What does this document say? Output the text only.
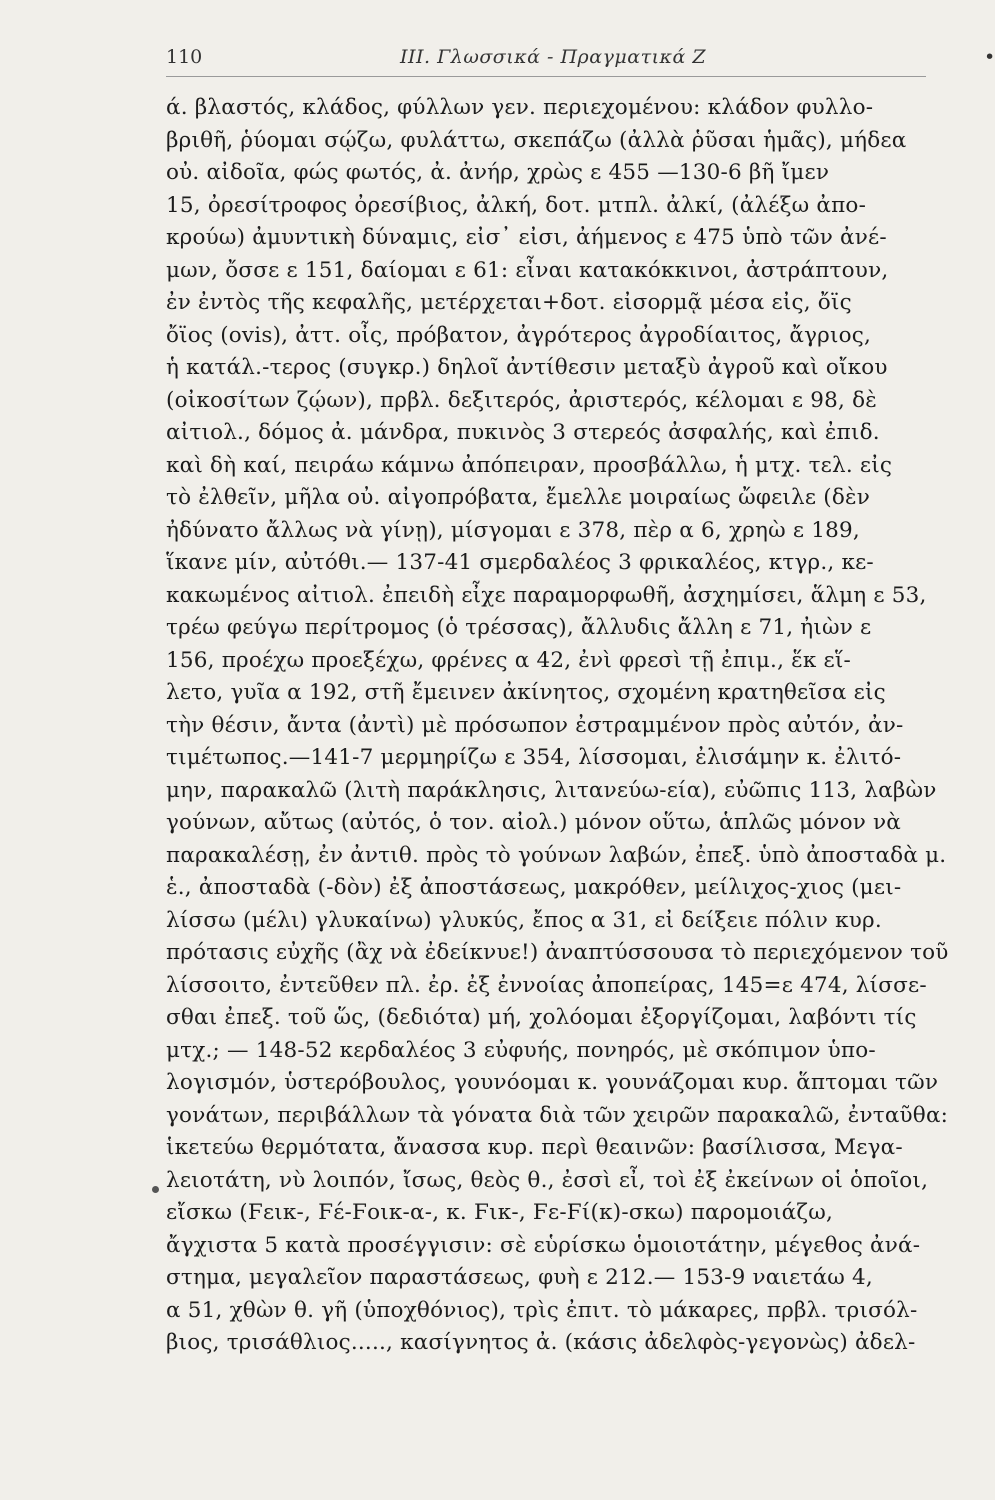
110	III. Γλωσσικά - Πραγματικά Ζ	•
ά. βλαστός, κλάδος, φύλλων γεν. περιεχομένου: κλάδον φυλλο-
βριθῆ, ῥύομαι σῴζω, φυλάττω, σκεπάζω (ἀλλὰ ῥῦσαι ἡμᾶς), μήδεα
οὐ. αἰδοῖα, φώς φωτός, ἀ. ἀνήρ, χρὼς ε 455 —130-6 βῆ ἴμεν
15, ὀρεσίτροφος ὀρεσίβιος, ἀλκή, δοτ. μτπλ. ἀλκί, (ἀλέξω ἀπο-
κρούω) ἀμυντικὴ δύναμις, εἰσ᾿ εἰσι, ἀήμενος ε 475 ὑπὸ τῶν ἀνέ-
μων, ὄσσε ε 151, δαίομαι ε 61: εἶναι κατακόκκινοι, ἀστράπτουν,
ἐν ἐντὸς τῆς κεφαλῆς, μετέρχεται+δοτ. εἰσορμᾷ μέσα εἰς, ὄϊς
ὄϊος (ovis), ἀττ. οἶς, πρόβατον, ἀγρότερος ἀγροδίαιτος, ἄγριος,
ἡ κατάλ.-τερος (συγκρ.) δηλοῖ ἀντίθεσιν μεταξὺ ἀγροῦ καὶ οἴκου
(οἰκοσίτων ζῴων), πρβλ. δεξιτερός, ἀριστερός, κέλομαι ε 98, δὲ
αἰτιολ., δόμος ἀ. μάνδρα, πυκινὸς 3 στερεός ἀσφαλής, καὶ ἐπιδ.
καὶ δὴ καί, πειράω κάμνω ἀπόπειραν, προσβάλλω, ἡ μτχ. τελ. εἰς
τὸ ἐλθεῖν, μῆλα οὐ. αἰγοπρόβατα, ἔμελλε μοιραίως ὤφειλε (δὲν
ἠδύνατο ἄλλως νὰ γίνῃ), μίσγομαι ε 378, πὲρ α 6, χρηὼ ε 189,
ἵκανε μίν, αὐτόθι.— 137-41 σμερδαλέος 3 φρικαλέος, κτγρ., κε-
κακωμένος αἰτιολ. ἐπειδὴ εἶχε παραμορφωθῆ, ἀσχημίσει, ἅλμη ε 53,
τρέω φεύγω περίτρομος (ὁ τρέσσας), ἄλλυδις ἄλλη ε 71, ἠιὼν ε
156, προέχω προεξέχω, φρένες α 42, ἐνὶ φρεσὶ τῇ ἐπιμ., ἕκ εἵ-
λετο, γυῖα α 192, στῆ ἔμεινεν ἀκίνητος, σχομένη κρατηθεῖσα εἰς
τὴν θέσιν, ἄντα (ἀντὶ) μὲ πρόσωπον ἐστραμμένον πρὸς αὐτόν, ἀν-
τιμέτωπος.—141-7 μερμηρίζω ε 354, λίσσομαι, ἐλισάμην κ. ἐλιτό-
μην, παρακαλῶ (λιτὴ παράκλησις, λιτανεύω-εία), εὐῶπις 113, λαβὼν
γούνων, αὔτως (αὐτός, ὁ τον. αἰολ.) μόνον οὕτω, ἁπλῶς μόνον νὰ
παρακαλέσῃ, ἐν ἀντιθ. πρὸς τὸ γούνων λαβών, ἐπεξ. ὑπὸ ἀποσταδὰ μ.
ἑ., ἀποσταδὰ (-δὸν) ἐξ ἀποστάσεως, μακρόθεν, μείλιχος-χιος (μει-
λίσσω (μέλι) γλυκαίνω) γλυκύς, ἔπος α 31, εἰ δείξειε πόλιν κυρ.
πρότασις εὐχῆς (ἂχ νὰ ἐδείκνυε!) ἀναπτύσσουσα τὸ περιεχόμενον τοῦ
λίσσοιτο, ἐντεῦθεν πλ. ἐρ. ἐξ ἐννοίας ἀποπείρας, 145=ε 474, λίσσε-
σθαι ἐπεξ. τοῦ ὥς, (δεδιότα) μή, χολόομαι ἐξοργίζομαι, λαβόντι τίς
μτχ.; — 148-52 κερδαλέος 3 εὐφυής, πονηρός, μὲ σκόπιμον ὑπο-
λογισμόν, ὑστερόβουλος, γουνόομαι κ. γουνάζομαι κυρ. ἅπτομαι τῶν
γονάτων, περιβάλλων τὰ γόνατα διὰ τῶν χειρῶν παρακαλῶ, ἐνταῦθα:
ἱκετεύω θερμότατα, ἄνασσα κυρ. περὶ θεαινῶν: βασίλισσα, Μεγα-
λειοτάτη, νὺ λοιπόν, ἴσως, θεὸς θ., ἐσσὶ εἶ, τοὶ ἐξ ἐκείνων οἱ ὁποῖοι,
εἴσκω (Ϝεικ-, Ϝέ-Ϝοικ-α-, κ. Ϝικ-, Ϝε-Ϝί(κ)-σκω) παρομοιάζω,
ἄγχιστα 5 κατὰ προσέγγισιν: σὲ εὑρίσκω ὁμοιοτάτην, μέγεθος ἀνά-
στημα, μεγαλεῖον παραστάσεως, φυὴ ε 212.— 153-9 ναιετάω 4,
α 51, χθὼν θ. γῆ (ὑποχθόνιος), τρὶς ἐπιτ. τὸ μάκαρες, πρβλ. τρισόλ-
βιος, τρισάθλιος....., κασίγνητος ἀ. (κάσις ἀδελφὸς-γεγονὼς) ἀδελ-
